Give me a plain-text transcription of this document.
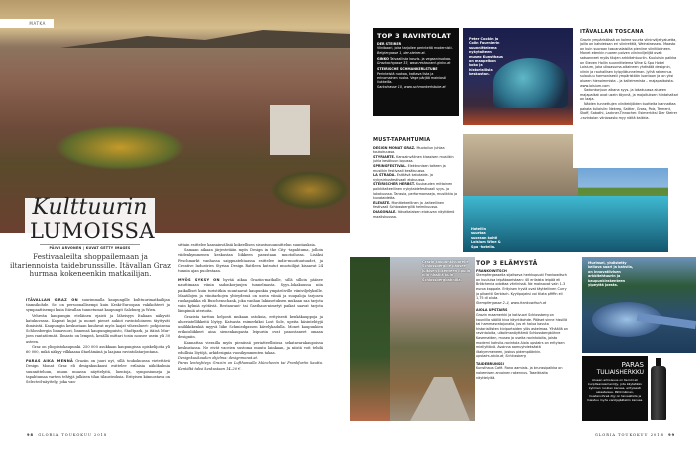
MATKA
Kulttuurin
LUMOISSA
PÄIVI ARVONEN | KUVAT GETTY IMAGES
Festivaaleilta shoppailemaan ja iltariennoista taidebrunssille. Itävallan Graz hurmaa kokeneenkin matkailijan.

ITÄVALLAN GRAZ ON suurimmalla kaupungille kulttuurimatkailijan tiamsikohde. Se on persoonallisempi kuin Keski-Euroopan vakikohteet ja sympaattisempi kuin Itävallan tunnetumat kaupungit Salzburg ja Wien.

Vehreän kaupungin eteläinen ejaisti ja läheisyys Italiaan näkyvät katukuvassa. Kapeat kujat ja monet pienet aukiot ravintoloineen täyttyvät ihmisistä. Kaupungin keskustaan kuuluvat myös laajat viheralueet: pohjoisena Schlossbergin linnavuori, linnensä kaupunginpuisto, Stadtpark, ja itäisä Mur-joen rantatörmät. Ilmasto on lempeä, kesällä mittari tosin nousee usein yli 30 asteen.

Graz on yliopistokaupunki. 250 000 asukkaan kaupungissa opiskelijoita yli 60 000, mikä näkyy vilkkaana iltaelämänä ja laajana ravintolatarjontana.

PARAS AIKA MENNÄ Graziin on juuri nyt, sillä toukokuussa vietettävä Design Monat Graz eli designkuukausi esittelee erilaisia näkökulmia suunnitteluun, muun muassa näyttelyitä, luentoja, symposiumeja ja tapahtumaa varten tehtyjä julkisen tilan tilausteoksia. Erityisen kiinnostava on Selected-näyttely, joka van-

sittain esittelee kansainvälisiä kokeellisen sisustusuunnittelun suuntauksia.

Samaan aikaan järjestetään myös Design in the City -tapahtuma, jolloin viidenkymmenen keskustan liikkeen parastaan muotoilussa. Lisäksi Feschmarkt vanhassa saippuatehtaassa esittelee indie-muotiuutuudet, ja Creative Industries Styrian Design Rattleen kutsutut muotoilijat kisaavat 24 tunnin ajan puolestaan.

MYÖS SYKSY ON hyvää aikaa Graziin-matkalle, sillä silloin pääsee nauttimaan viinin sadonkorjuujen tunnelmasta. Syys–lokakuussa niin paikalliset kuin turistitkin suuntaavat kaupunkia ympäröiville viiniviljelyksille. Maatilojen ja viinitarhojen yhteydessä on usein viiniä ja suupaloja tarjoava ruokapaikka eli Buschenschank, joka vanhan lakiasetuksen mukaan saa tarjota vain kylmiä syötäviä. Restaurant- tai Gasthaus-nimetyt paikat saavat tarjota lämpimiä aterioita.

Grazista tarttuu helposti mukaan ostoksia, erityisesti kenkäkauppoja ja alueriatellikkeitä löytyy. Katsasta esimerkiksi Lost Sole, upeita käsintehtyjä unilikkikenkiä myyvä liike Schmiedgassen kävelykadulla. Monet kaupunkien erikoisliikkeet aina sienenkaupasta leipuriin ovat panostaneet omaan designiin.

Kannattaa vierailla myös pieniissä periatteellisissa sekatavarakaupoissa keskustassa. Ne eivät vaceien sustoma muutu lainkaan, ja niistä voit tehdä edullisia löytöjä, arkidesignia vuosikymmenten takaa.

Designkuukauden ohjelma: designmonat.at.

Paras lentoyhteys Graziin on Lufthansalla Münchenin tai Frankfurtin kautta. Kentältä taksi keskustaan 14–20 €.

98 GLORIA TOUKOKUU 2018
TOP 3 RAVINTOLAT
DER STEIRER
Viinibaari, joka tarjoilee perinteitä modernisti.
Belgiergasse 1, der-steirer.at.
GINKO Taivaallista kasvis- ja vegaaniruokaa.
Grazbachgasse 33, www.restaurant-ginko.at
STEIRISCHE SCHMANKERLSTUBE
Perinteistä ruokaa, kattava lista ja erinomainen ruoka. Vege pärjää mainiosti liukkeilla.
Sackstrasse 10, www.schmankerlstube.at
Peter Cookin ja Colin Fournierin suunnittelema nykytaiteen museo Kunsthaus on maapeikon koko ja historiallisia keskustan.
Hotellin suurtaa suoraan kohti Loisium Wine & Spa -hotella.
ITÄVALLAN TOSCANA
Grazin ympäristössä on kolme suurta viininviljelyaluetta, joilla on kahdeksan eri viinireittiä, Weinstrassea. Maasto on kuin suoraan toscanalaisilta pieniine viinitiloineen. Monet etenkin nuoren polven viininviljelijät ovat satsanneet myös tilojen arkkitehtuuriin. Kuuluisin paikka on Steven Hollin suunnittelema Wine & Spa Hotel Loisium, joka ulkoasuma-altaineen yhdistää designin, viinin ja rauhallisen kylpylätunnelman. Jylhä rakennus sulautuu harmonisesti ympäristöön luontoon ja on yksi alueen hienoimmista – ja kalleimmista – majapaikoista. www.loisium.com
Sadonkorjuun aikana syys- ja lokakuussa alueen majapaikat ovat usein täynnä, ja majoituksen hintahaitari on laaja.
Näiden tunnettujen viinitekijöiden tuotteita kannattaa pakata tuliaisiin: Nekrep, Sattler, Gross, Polz, Tement, Skoff, Sabathi, Lackner-Tinnacher. Esimerkiksi Der Steirer -ravintolan viiniosasto myy näitä kaikkia.
MUST-TAPAHTUMIA
DESIGN MONAT GRAZ. Muotoilun juhlaa toukokuussa.
STYRIARTE. Kansainvälinen klassisen musiikin juhla kesäkuun lopussa.
SPRINGFESTIVAL. Elektronisen taiteen ja musiikin festivaali kesäkuussa.
LA STRADA. Esittävä katutaide- ja nykysirkusfestivaali elokuussa.
STEIRISCHER HERBST. Kuukauden mittainen poikkitaiteellinen nykytaidefestivaali syys- ja lokakuussa. Tanssia, performansseja, musiikkia ja kuvataidetta.
ELEVATE. Monitieteellinen ja -taiteellinen festivaali Schlossbergillä helmikuussa.
DIAGONALE. Itävaltalaisen elokuvan näyttämö maaliskuussa.
Grazin kaupunkivuorelle Schlossbergille pääsee julkisen liikenteen lipulla niin hissillä kuin Schlossbergbahnilla.
TOP 3 ELÄMYSTÄ
FRANKOWITSCH
Stempfergassella sijaitseva herkkupuoti Frankowitsch on kuuluisa leipäbaaristaan: 40 erilaista leipää eli Brötchenia odottaa vitriinissä. Ne maksavat vain 1-3 euroa kappale. Erityisen hyviä ovat täytteliinen Curry ja pikantti Serbisch. Kyytipojaksi voi tilata pfiffin eli 1,75 dl oluta.
Stempfergasse 2–4, www.frankowitsch.at
AIOLA UPSTAIRS
Grazin maamerkki ja kotivuori Schlossberg on kauniilla säällä kiva käyntikohde. Pääset sinne hissillä tai hammasratajunalla, jos et halua kavuta historiallisten kiviportaiden ylös askelmaa. Ylhäällä on ravintoloita, ulkoilmanäyttämö Schlossbergbühne Kasematten, museo ja useita ravintoloita, joista moderni kahvila-ravintola Aiola upstairs on erityisen miellyttävä. Avoinna aamuyhdeksästä iltakymmeneen, joskus pidempäänkin.
upstairs.aiola.at, Schlossberg
TAIDEBRUNSSI
Kunsthaus Café. Rana aamiais- ja brunssipaikka on nokemisen arvoinen rakennus. Taseikkaita näyttelyitä.
Murinsel, yhdistetty kelluva saari ja kahvila, on innovatiivisen arkkitehtuurin ja kaupunkirakenteen ylpeyttä joesta.
PARAS
TULIAISHERKKU
Alueen erikoisuus on Kernöl eli kurpitsansiemenöljy, jota käytetään kylmien ruokien kanssa, erityisesti salaateissa. Pähkinäinen, mustanvihreä öljy on taivaallista ja maistuu myös vaniljajäätelön kanssa.
GLORIA TOUKOKUU 2018 99
